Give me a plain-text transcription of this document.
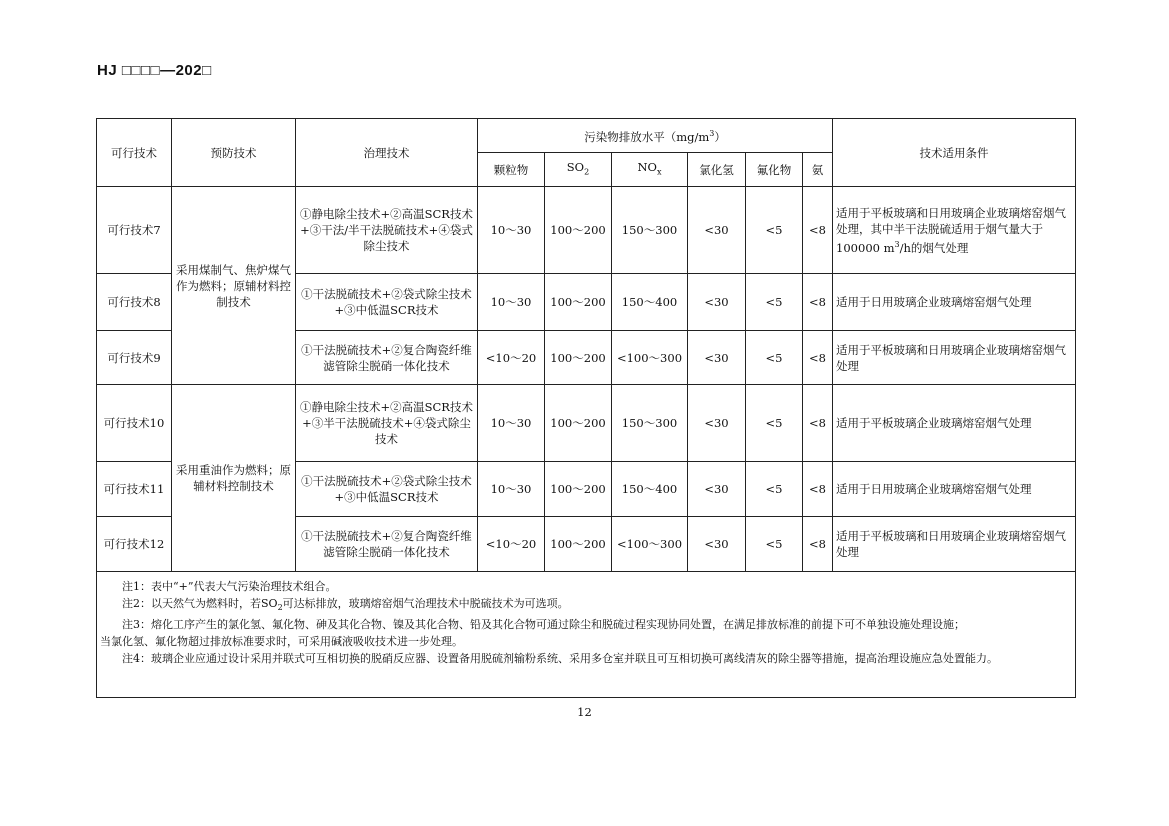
HJ □□□□—202□
可行技术	预防技术	治理技术	污染物排放水平$(mg/m^3)$						技术适用条件
			颗粒物	$SO_2$	$NO_x$	氯化氢	氟化物	氨	
可行技术7	采用煤制气、焦炉煤气作为燃料；原辅材料控制技术	①静电除尘技术+②高温SCR技术+③干法/半干法脱硫技术+④袋式除尘技术	10～30	100～200	150～300	<30	<5	<8	适用于平板玻璃和日用玻璃企业玻璃熔窑烟气处理，其中半干法脱硫适用于烟气量大于100000 $m^3/h$的烟气处理
可行技术8		①干法脱硫技术+②袋式除尘技术+③中低温SCR技术	10～30	100～200	150～400	<30	<5	<8	适用于日用玻璃企业玻璃熔窑烟气处理
可行技术9		①干法脱硫技术+②复合陶瓷纤维滤管除尘脱硝一体化技术	<10～20	100～200	<100～300	<30	<5	<8	适用于平板玻璃和日用玻璃企业玻璃熔窑烟气处理
可行技术10	采用重油作为燃料；原辅材料控制技术	①静电除尘技术+②高温SCR技术+③半干法脱硫技术+④袋式除尘技术	10～30	100～200	150～300	<30	<5	<8	适用于平板玻璃企业玻璃熔窑烟气处理
可行技术11		①干法脱硫技术+②袋式除尘技术+③中低温SCR技术	10～30	100～200	150～400	<30	<5	<8	适用于日用玻璃企业玻璃熔窑烟气处理
可行技术12		①干法脱硫技术+②复合陶瓷纤维滤管除尘脱硝一体化技术	<10～20	100～200	<100～300	<30	<5	<8	适用于平板玻璃和日用玻璃企业玻璃熔窑烟气处理

注1：表中“+”代表大气污染治理技术组合。
注2：以天然气为燃料时，若$SO_2$可达标排放，玻璃熔窑烟气治理技术中脱硫技术为可选项。
注3：熔化工序产生的氯化氢、氟化物、砷及其化合物、镍及其化合物、铅及其化合物可通过除尘和脱硫过程实现协同处置，在满足排放标准的前提下可不单独设施处理设施；
当氯化氢、氟化物超过排放标准要求时，可采用碱液吸收技术进一步处理。
注4：玻璃企业应通过设计采用并联式可互相切换的脱硝反应器、设置备用脱硫剂输粉系统、采用多仓室并联且可互相切换可离线清灰的除尘器等措施，提高治理设施应急处置能力。									
12
